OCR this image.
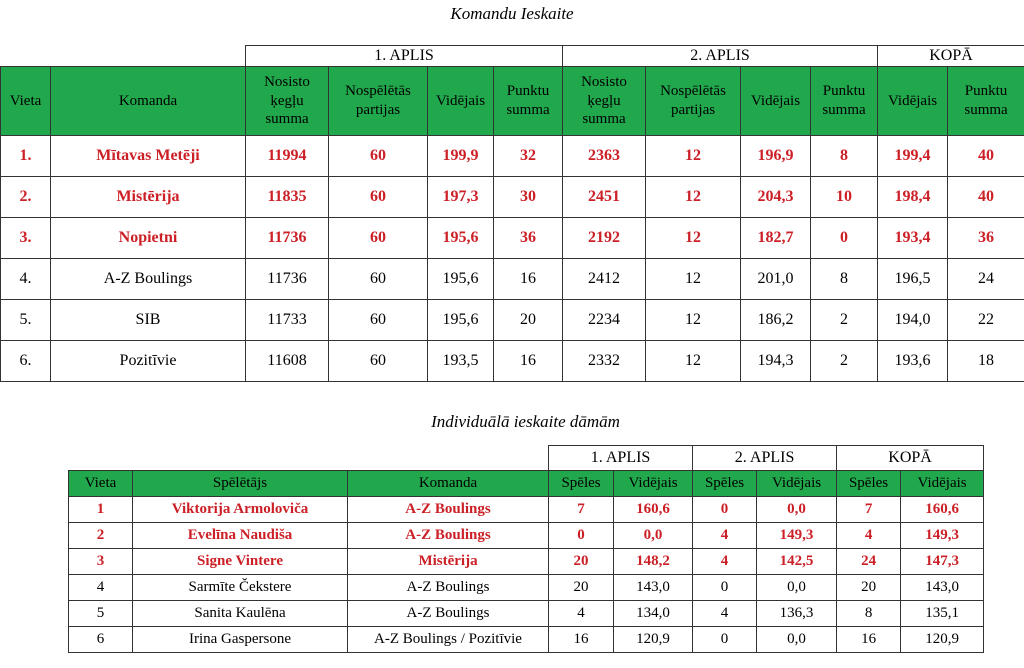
Komandu Ieskaite
		1. APLIS				2. APLIS				KOPĀ	
Vieta	Komanda	Nosisto ķegļu summa	Nospēlētās partijas	Vidējais	Punktu summa	Nosisto ķegļu summa	Nospēlētās partijas	Vidējais	Punktu summa	Vidējais	Punktu summa
1.	Mītavas Metēji	11994	60	199,9	32	2363	12	196,9	8	199,4	40
2.	Mistērija	11835	60	197,3	30	2451	12	204,3	10	198,4	40
3.	Nopietni	11736	60	195,6	36	2192	12	182,7	0	193,4	36
4.	A-Z Boulings	11736	60	195,6	16	2412	12	201,0	8	196,5	24
5.	SIB	11733	60	195,6	20	2234	12	186,2	2	194,0	22
6.	Pozitīvie	11608	60	193,5	16	2332	12	194,3	2	193,6	18
Individuālā ieskaite dāmām
			1. APLIS		2. APLIS		KOPĀ	
Vieta	Spēlētājs	Komanda	Spēles	Vidējais	Spēles	Vidējais	Spēles	Vidējais
1	Viktorija Armoloviča	A-Z Boulings	7	160,6	0	0,0	7	160,6
2	Evelīna Naudiša	A-Z Boulings	0	0,0	4	149,3	4	149,3
3	Signe Vintere	Mistērija	20	148,2	4	142,5	24	147,3
4	Sarmīte Čekstere	A-Z Boulings	20	143,0	0	0,0	20	143,0
5	Sanita Kaulēna	A-Z Boulings	4	134,0	4	136,3	8	135,1
6	Irina Gaspersone	A-Z Boulings / Pozitīvie	16	120,9	0	0,0	16	120,9
